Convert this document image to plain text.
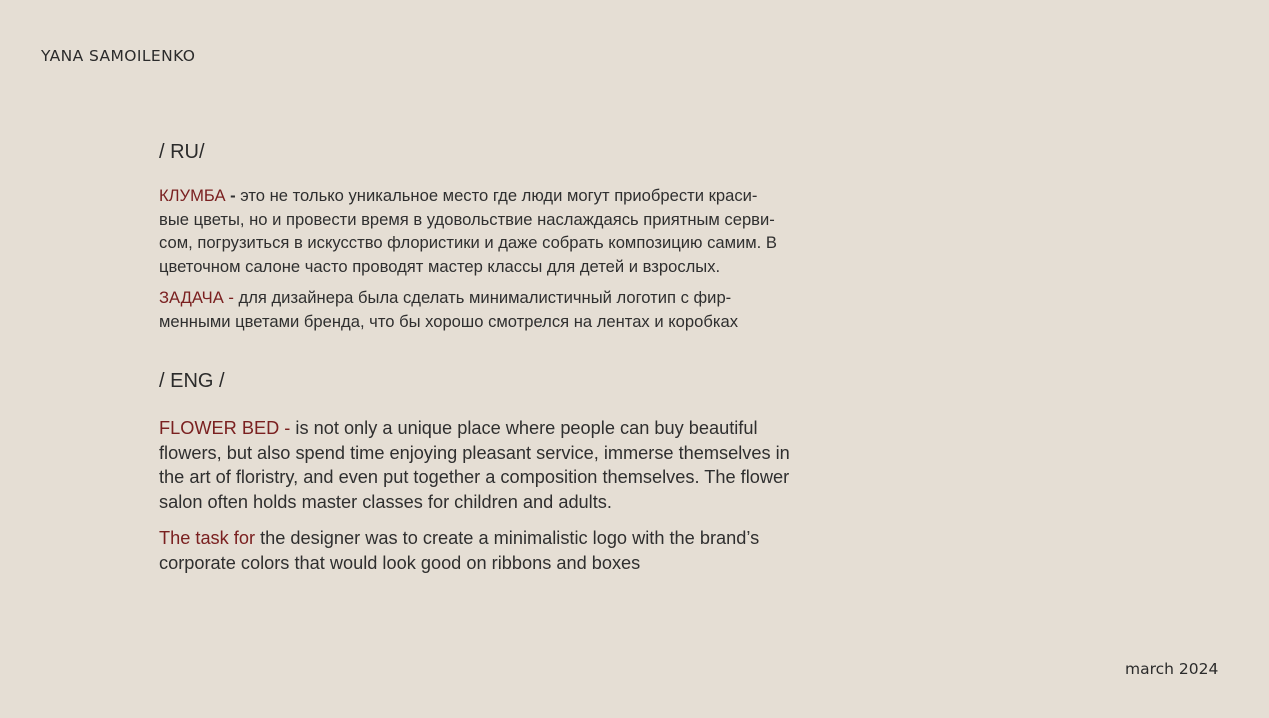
YANA SAMOILENKO
/ RU/
КЛУМБА - это не только уникальное место где люди могут приобрести краси-
вые цветы, но и провести время в удовольствие наслаждаясь приятным серви-
сом, погрузиться в искусство флористики и даже собрать композицию самим. В
цветочном салоне часто проводят мастер классы для детей и взрослых.
ЗАДАЧА - для дизайнера была сделать минималистичный логотип с фир-
менными цветами бренда, что бы хорошо смотрелся на лентах и коробках
/ ENG /
FLOWER BED - is not only a unique place where people can buy beautiful
flowers, but also spend time enjoying pleasant service, immerse themselves in
the art of floristry, and even put together a composition themselves. The flower
salon often holds master classes for children and adults.
The task for the designer was to create a minimalistic logo with the brand’s
corporate colors that would look good on ribbons and boxes
march 2024
